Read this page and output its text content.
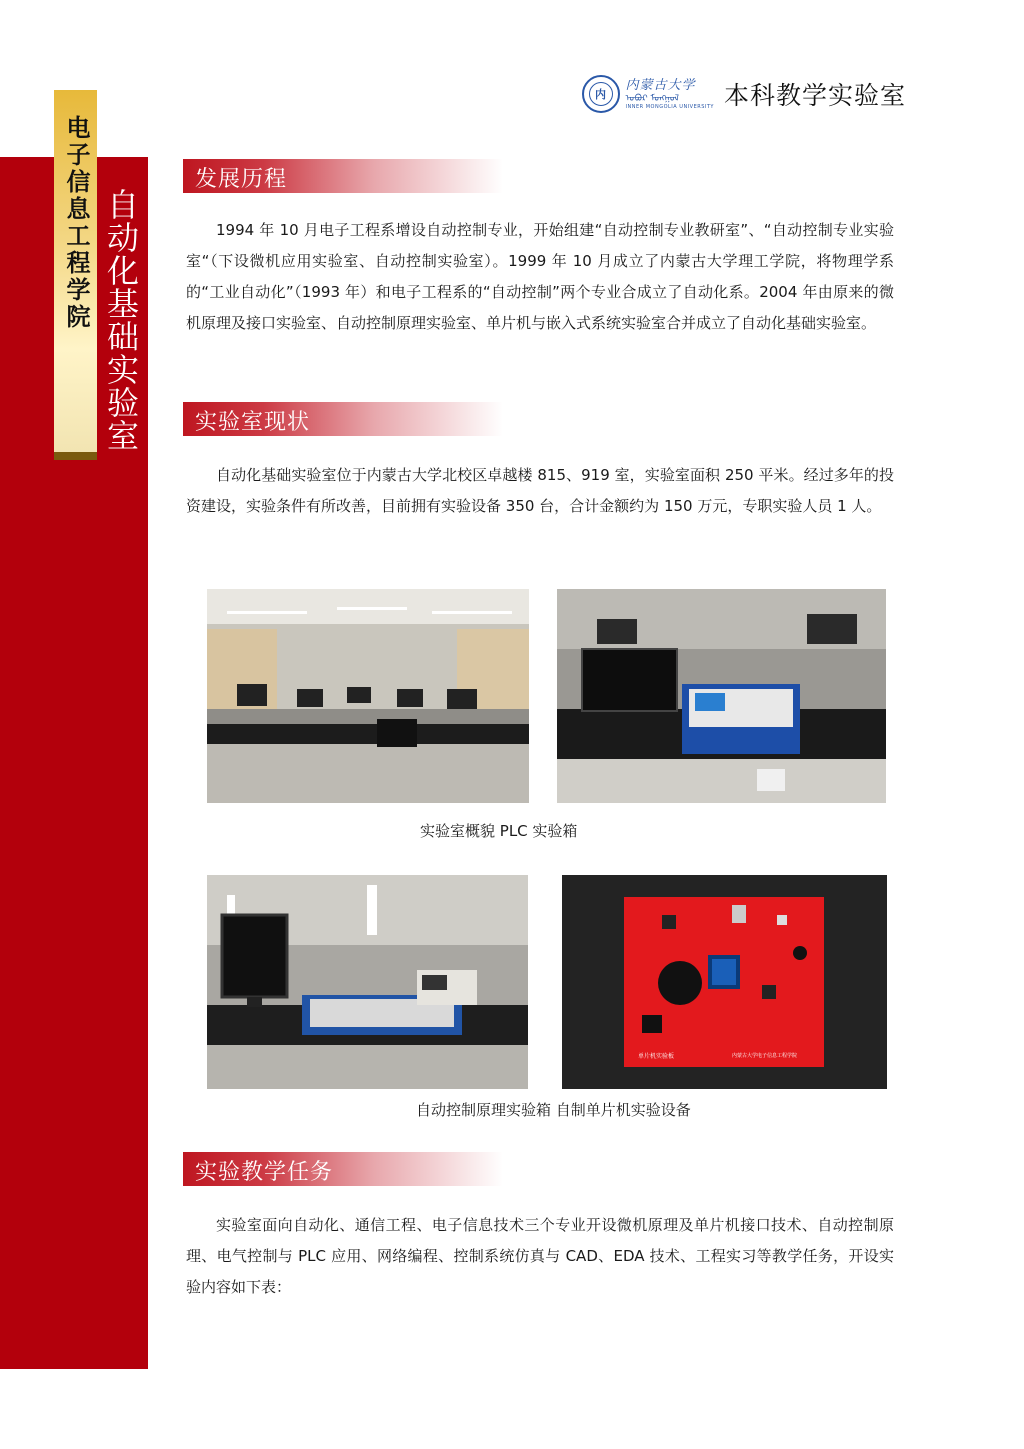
电子信息工程学院 自动化基础实验室
内
内蒙古大学
ᠤᠪᠤᠷ ᠮᠣᠩᠭᠤᠯ
INNER MONGOLIA UNIVERSITY 本科教学实验室
发展历程

1994 年 10 月电子工程系增设自动控制专业，开始组建“自动控制专业教研室”、“自动控制专业实验室“（下设微机应用实验室、自动控制实验室）。1999 年 10 月成立了内蒙古大学理工学院，将物理学系的“工业自动化”（1993 年）和电子工程系的“自动控制”两个专业合成立了自动化系。2004 年由原来的微机原理及接口实验室、自动控制原理实验室、单片机与嵌入式系统实验室合并成立了自动化基础实验室。

实验室现状

自动化基础实验室位于内蒙古大学北校区卓越楼 815、919 室，实验室面积 250 平米。经过多年的投资建设，实验条件有所改善，目前拥有实验设备 350 台，合计金额约为 150 万元，专职实验人员 1 人。

实验室概貌 PLC 实验箱
单片机实验板	内蒙古大学电子信息工程学院
自动控制原理实验箱 自制单片机实验设备
实验教学任务

实验室面向自动化、通信工程、电子信息技术三个专业开设微机原理及单片机接口技术、自动控制原理、电气控制与 PLC 应用、网络编程、控制系统仿真与 CAD、EDA 技术、工程实习等教学任务，开设实验内容如下表：
